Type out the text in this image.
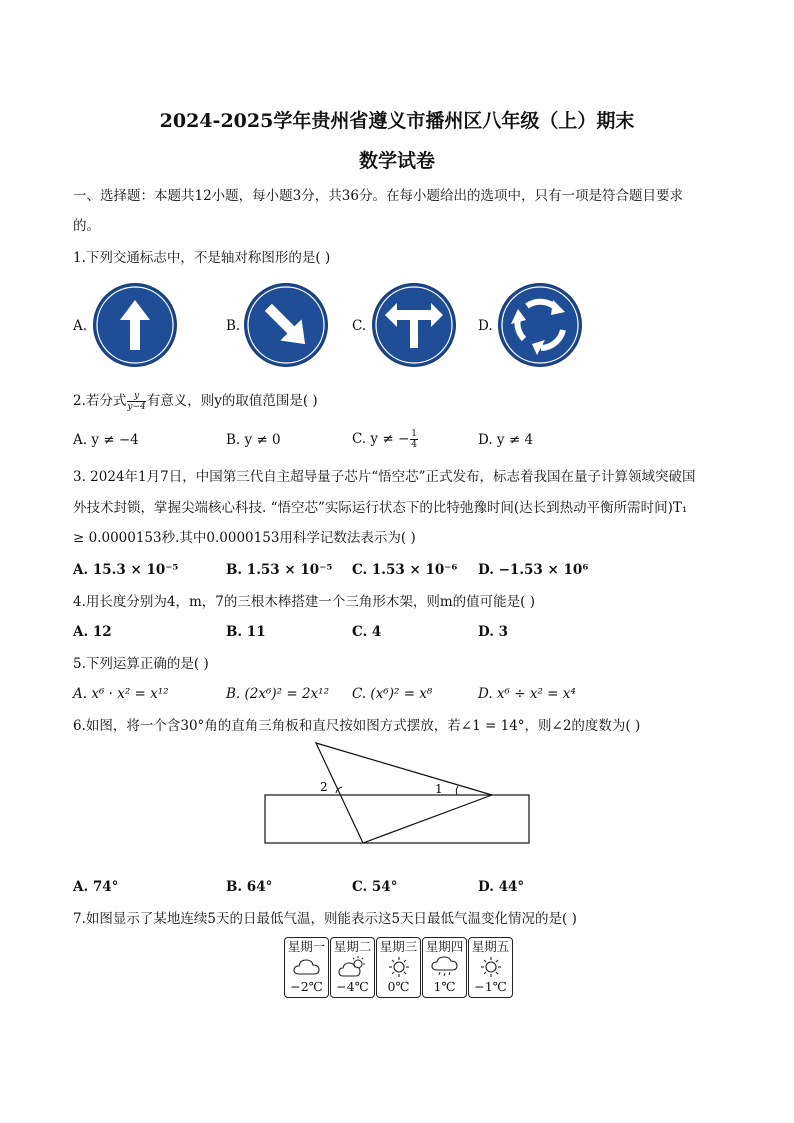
2024-2025学年贵州省遵义市播州区八年级（上）期末
数学试卷
一、选择题：本题共12小题，每小题3分，共36分。在每小题给出的选项中，只有一项是符合题目要求
的。
1.下列交通标志中，不是轴对称图形的是( )
A.	B.	C.	D.
2.若分式 $\frac{y}{y-4}$ 有意义，则y的取值范围是( )
A. y ≠ −4	B. y ≠ 0	C. y ≠ − $\frac{1}{4}$	D. y ≠ 4
3. 2024年1月7日，中国第三代自主超导量子芯片“悟空芯”正式发布，标志着我国在量子计算领域突破国
外技术封锁，掌握尖端核心科技. “悟空芯”实际运行状态下的比特弛豫时间(达长到热动平衡所需时间)T₁
≥ 0.0000153秒.其中0.0000153用科学记数法表示为( )
A. 15.3 × 10⁻⁵	B. 1.53 × 10⁻⁵ C. 1.53 × 10⁻⁶ D. −1.53 × 10⁶
4.用长度分别为4，m，7的三根木棒搭建一个三角形木架，则m的值可能是( )
A. 12	B. 11	C. 4	D. 3
5.下列运算正确的是( )
A. x⁶ · x² = x¹²	B. (2x⁶)² = 2x¹² C. (x⁶)² = x⁸	D. x⁶ ÷ x² = x⁴
6.如图，将一个含30°角的直角三角板和直尺按如图方式摆放，若∠1 = 14°，则∠2的度数为( )
2	1
A. 74°	B. 64°	C. 54°	D. 44°
7.如图显示了某地连续5天的日最低气温，则能表示这5天日最低气温变化情况的是( )
星期一
−2℃
星期二
−4℃
星期三
0℃
星期四
1℃
星期五
−1℃
